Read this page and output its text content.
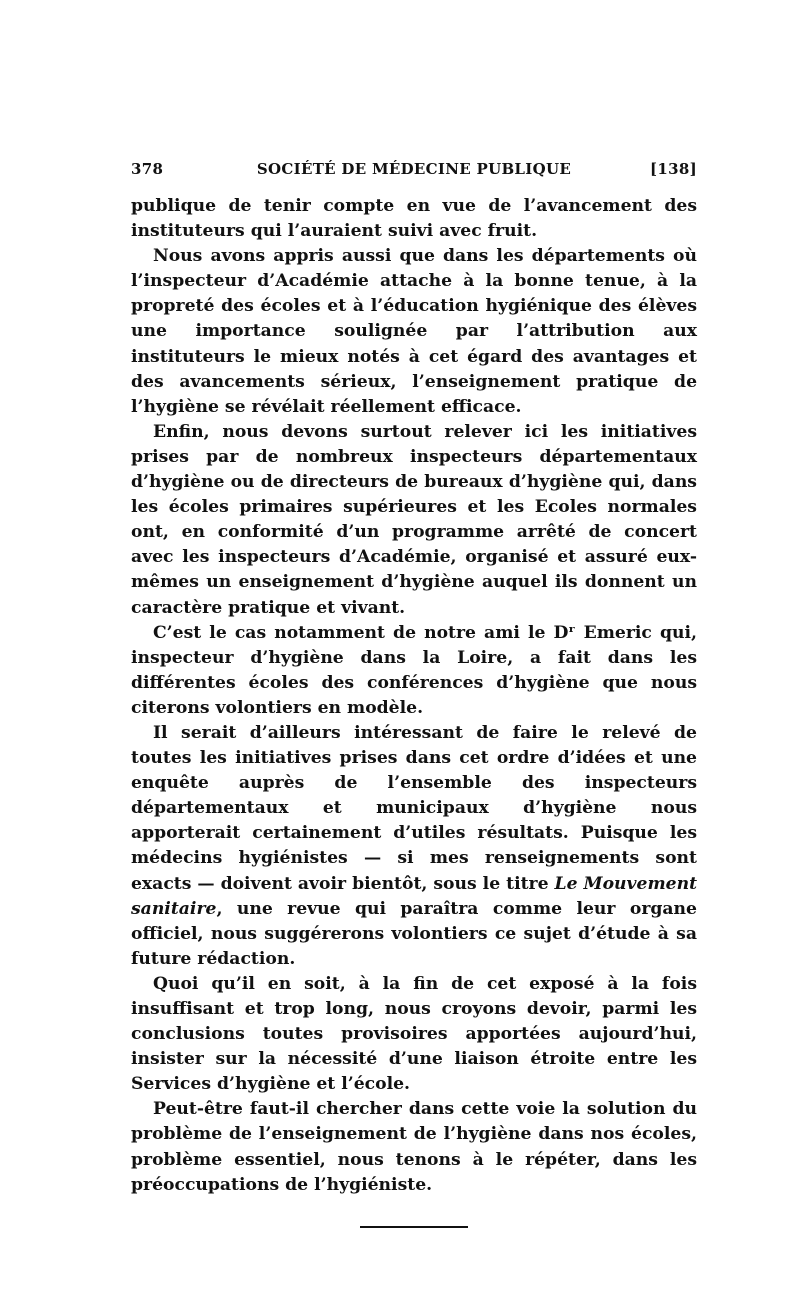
378	SOCIÉTÉ DE MÉDECINE PUBLIQUE	[138]

publique de tenir compte en vue de l’avancement des instituteurs qui l’auraient suivi avec fruit.

Nous avons appris aussi que dans les départements où l’inspecteur d’Académie attache à la bonne tenue, à la propreté des écoles et à l’éducation hygiénique des élèves une importance soulignée par l’attribution aux instituteurs le mieux notés à cet égard des avantages et des avancements sérieux, l’enseignement pratique de l’hygiène se révélait réellement efficace.

Enfin, nous devons surtout relever ici les initiatives prises par de nombreux inspecteurs départementaux d’hygiène ou de directeurs de bureaux d’hygiène qui, dans les écoles primaires supérieures et les Ecoles normales ont, en conformité d’un programme arrêté de concert avec les inspecteurs d’Académie, organisé et assuré eux-mêmes un enseignement d’hygiène auquel ils donnent un caractère pratique et vivant.

C’est le cas notamment de notre ami le Dʳ Emeric qui, inspecteur d’hygiène dans la Loire, a fait dans les différentes écoles des conférences d’hygiène que nous citerons volontiers en modèle.

Il serait d’ailleurs intéressant de faire le relevé de toutes les initiatives prises dans cet ordre d’idées et une enquête auprès de l’ensemble des inspecteurs départementaux et municipaux d’hygiène nous apporterait certainement d’utiles résultats. Puisque les médecins hygiénistes — si mes renseignements sont exacts — doivent avoir bientôt, sous le titre Le Mouvement sanitaire, une revue qui paraîtra comme leur organe officiel, nous suggérerons volontiers ce sujet d’étude à sa future rédaction.

Quoi qu’il en soit, à la fin de cet exposé à la fois insuffisant et trop long, nous croyons devoir, parmi les conclusions toutes provisoires apportées aujourd’hui, insister sur la nécessité d’une liaison étroite entre les Services d’hygiène et l’école.

Peut-être faut-il chercher dans cette voie la solution du problème de l’enseignement de l’hygiène dans nos écoles, problème essentiel, nous tenons à le répéter, dans les préoccupations de l’hygiéniste.
